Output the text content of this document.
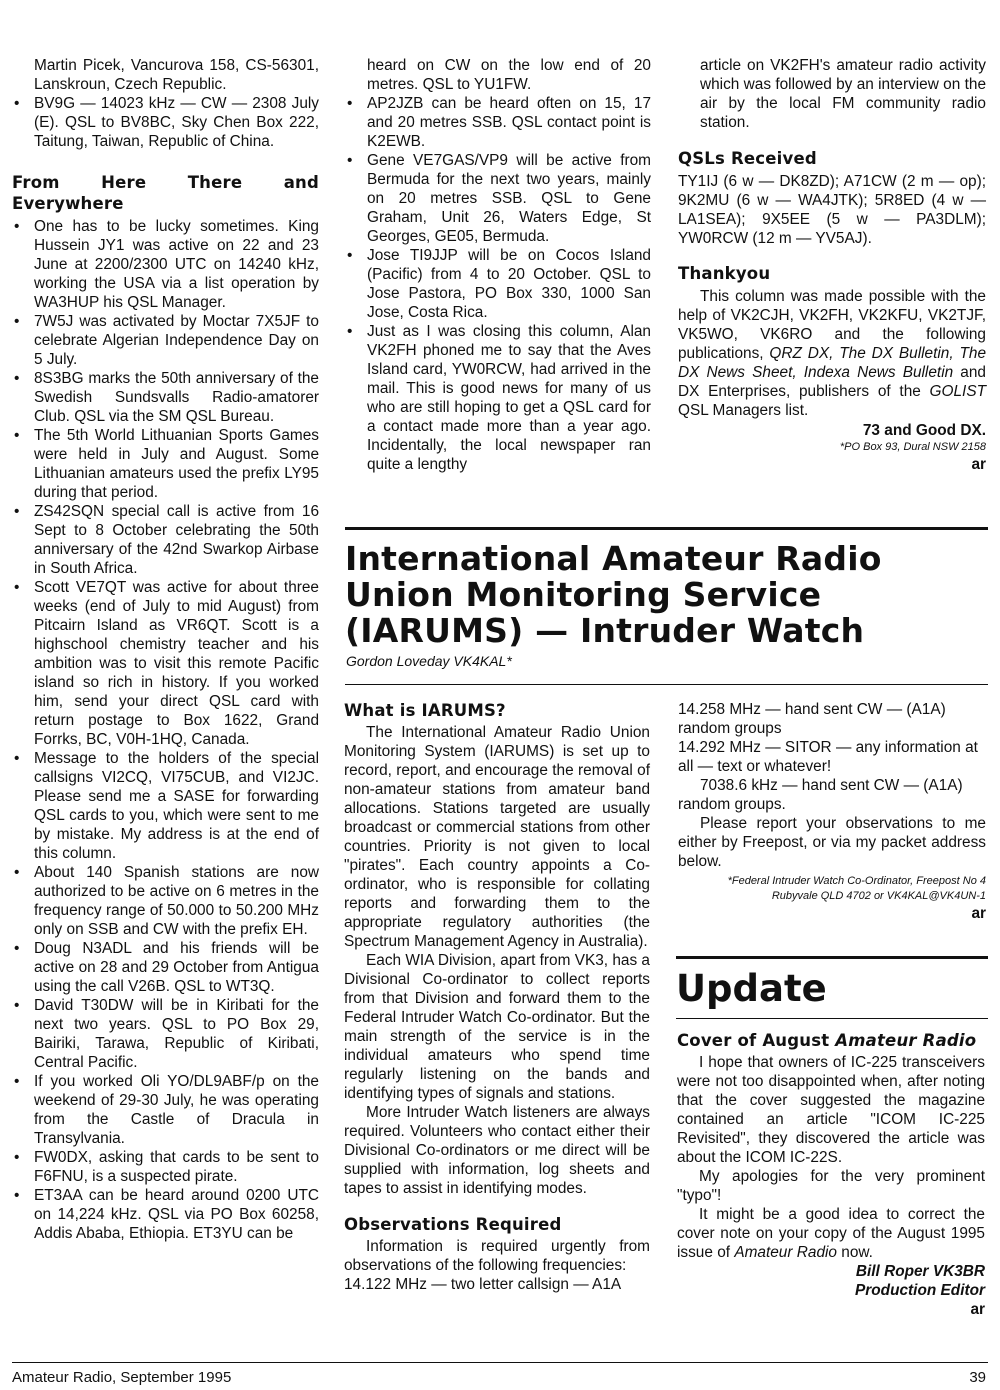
Martin Picek, Vancurova 158, CS-56301, Lanskroun, Czech Republic.

• BV9G — 14023 kHz — CW — 2308 July (E). QSL to BV8BC, Sky Chen Box 222, Taitung, Taiwan, Republic of China.
From Here There and Everywhere
• One has to be lucky sometimes. King Hussein JY1 was active on 22 and 23 June at 2200/2300 UTC on 14240 kHz, working the USA via a list operation by WA3HUP his QSL Manager.
• 7W5J was activated by Moctar 7X5JF to celebrate Algerian Independence Day on 5 July.
• 8S3BG marks the 50th anniversary of the Swedish Sundsvalls Radio-amatorer Club. QSL via the SM QSL Bureau.
• The 5th World Lithuanian Sports Games were held in July and August. Some Lithuanian amateurs used the prefix LY95 during that period.
• ZS42SQN special call is active from 16 Sept to 8 October celebrating the 50th anniversary of the 42nd Swarkop Airbase in South Africa.
• Scott VE7QT was active for about three weeks (end of July to mid August) from Pitcairn Island as VR6QT. Scott is a highschool chemistry teacher and his ambition was to visit this remote Pacific island so rich in history. If you worked him, send your direct QSL card with return postage to Box 1622, Grand Forrks, BC, V0H-1HQ, Canada.
• Message to the holders of the special callsigns VI2CQ, VI75CUB, and VI2JC. Please send me a SASE for forwarding QSL cards to you, which were sent to me by mistake. My address is at the end of this column.
• About 140 Spanish stations are now authorized to be active on 6 metres in the frequency range of 50.000 to 50.200 MHz only on SSB and CW with the prefix EH.
• Doug N3ADL and his friends will be active on 28 and 29 October from Antigua using the call V26B. QSL to WT3Q.
• David T30DW will be in Kiribati for the next two years. QSL to PO Box 29, Bairiki, Tarawa, Republic of Kiribati, Central Pacific.
• If you worked Oli YO/DL9ABF/p on the weekend of 29-30 July, he was operating from the Castle of Dracula in Transylvania.
• FW0DX, asking that cards to be sent to F6FNU, is a suspected pirate.
• ET3AA can be heard around 0200 UTC on 14,224 kHz. QSL via PO Box 60258, Addis Ababa, Ethiopia. ET3YU can be

heard on CW on the low end of 20 metres. QSL to YU1FW.

• AP2JZB can be heard often on 15, 17 and 20 metres SSB. QSL contact point is K2EWB.
• Gene VE7GAS/VP9 will be active from Bermuda for the next two years, mainly on 20 metres SSB. QSL to Gene Graham, Unit 26, Waters Edge, St Georges, GE05, Bermuda.
• Jose TI9JJP will be on Cocos Island (Pacific) from 4 to 20 October. QSL to Jose Pastora, PO Box 330, 1000 San Jose, Costa Rica.
• Just as I was closing this column, Alan VK2FH phoned me to say that the Aves Island card, YW0RCW, had arrived in the mail. This is good news for many of us who are still hoping to get a QSL card for a contact made more than a year ago. Incidentally, the local newspaper ran quite a lengthy

article on VK2FH's amateur radio activity which was followed by an interview on the air by the local FM community radio station.

QSLs Received

TY1IJ (6 w — DK8ZD); A71CW (2 m — op); 9K2MU (6 w — WA4JTK); 5R8ED (4 w — LA1SEA); 9X5EE (5 w — PA3DLM); YW0RCW (12 m — YV5AJ).

Thankyou

This column was made possible with the help of VK2CJH, VK2FH, VK2KFU, VK2TJF, VK5WO, VK6RO and the following publications, QRZ DX, The DX Bulletin, The DX News Sheet, Indexa News Bulletin and DX Enterprises, publishers of the GOLIST QSL Managers list.

73 and Good DX.

*PO Box 93, Dural NSW 2158

ar

International Amateur Radio Union Monitoring Service (IARUMS) — Intruder Watch

Gordon Loveday VK4KAL*

What is IARUMS?

The International Amateur Radio Union Monitoring System (IARUMS) is set up to record, report, and encourage the removal of non-amateur stations from amateur band allocations. Stations targeted are usually broadcast or commercial stations from other countries. Priority is not given to local "pirates". Each country appoints a Co-ordinator, who is responsible for collating reports and forwarding them to the appropriate regulatory authorities (the Spectrum Management Agency in Australia).

Each WIA Division, apart from VK3, has a Divisional Co-ordinator to collect reports from that Division and forward them to the Federal Intruder Watch Co-ordinator. But the main strength of the service is in the individual amateurs who spend time regularly listening on the bands and identifying types of signals and stations.

More Intruder Watch listeners are always required. Volunteers who contact either their Divisional Co-ordinators or me direct will be supplied with information, log sheets and tapes to assist in identifying modes.

Observations Required

Information is required urgently from observations of the following frequencies:

14.122 MHz — two letter callsign — A1A

14.258 MHz — hand sent CW — (A1A) random groups

14.292 MHz — SITOR — any information at all — text or whatever!

7038.6 kHz — hand sent CW — (A1A) random groups.

Please report your observations to me either by Freepost, or via my packet address below.

*Federal Intruder Watch Co-Ordinator, Freepost No 4

Rubyvale QLD 4702 or VK4KAL@VK4UN-1

ar

Update
Cover of August Amateur Radio

I hope that owners of IC-225 transceivers were not too disappointed when, after noting that the cover suggested the magazine contained an article "ICOM IC-225 Revisited", they discovered the article was about the ICOM IC-22S.

My apologies for the very prominent "typo"!

It might be a good idea to correct the cover note on your copy of the August 1995 issue of Amateur Radio now.

Bill Roper VK3BR

Production Editor

ar

Amateur Radio, September 1995	39
